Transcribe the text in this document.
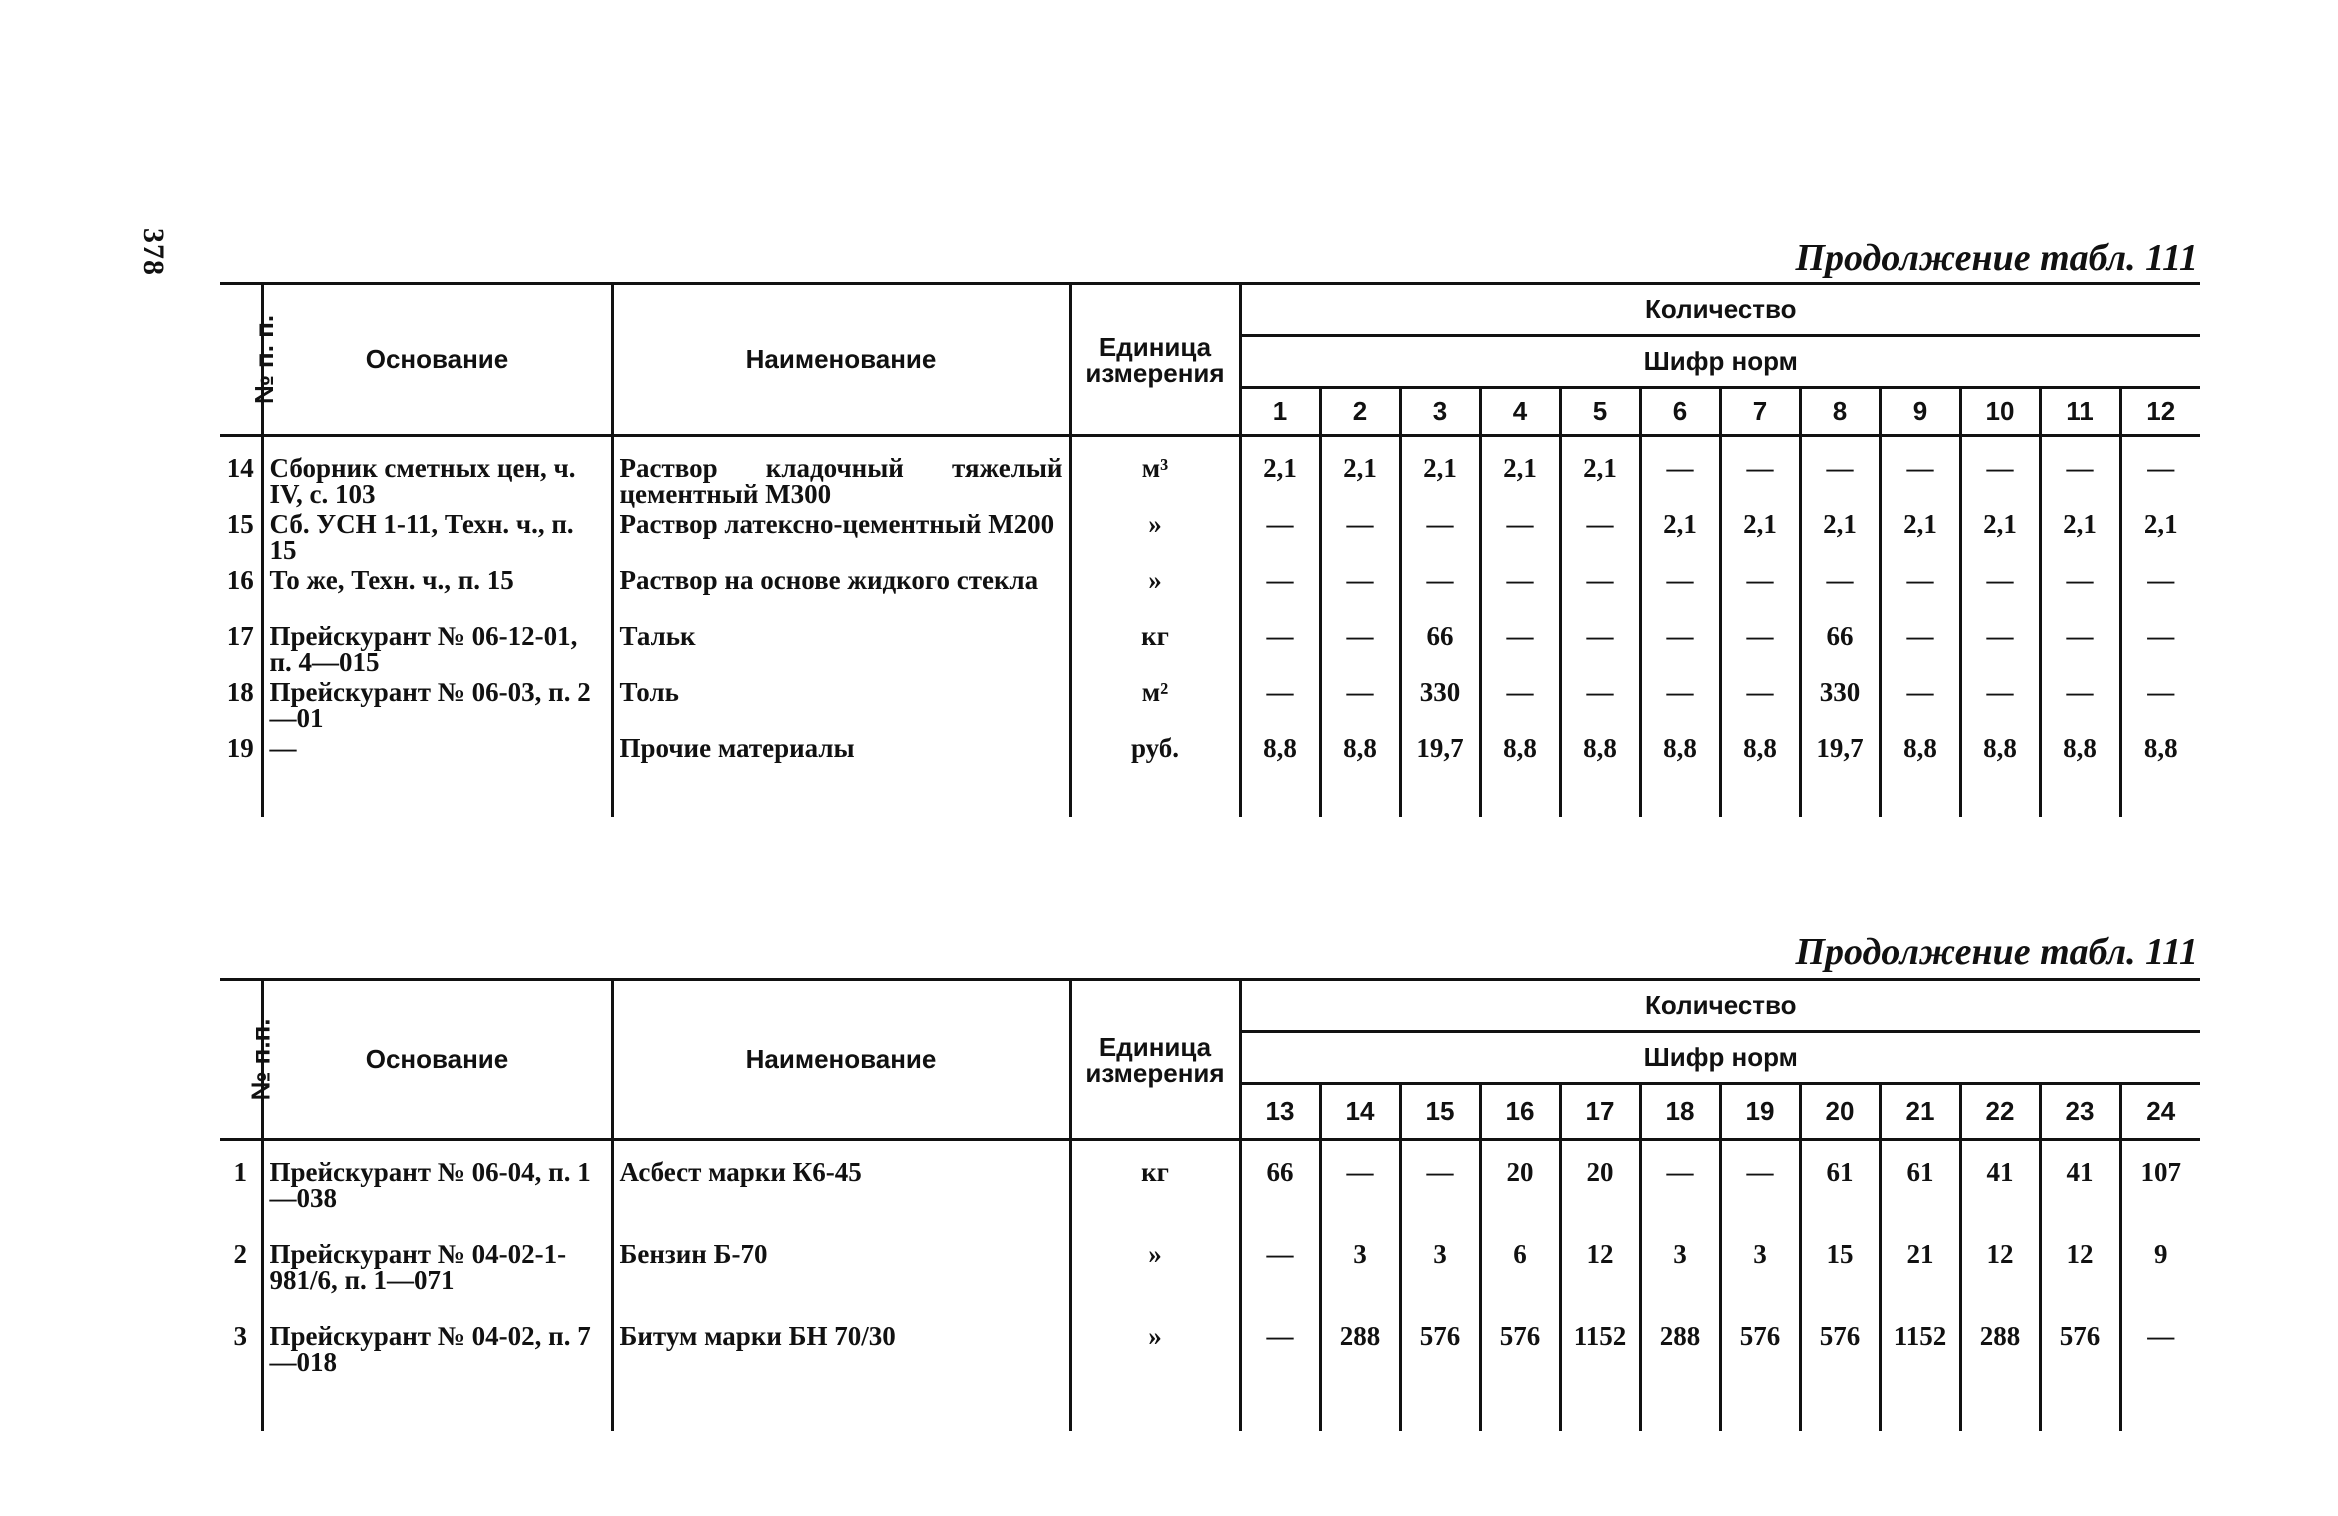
378	Продолжение табл. 111
№ п. п.	Основание	Наименование	Единица измерения	Количество											
				Шифр норм											
				1	2	3	4	5	6	7	8	9	10	11	12

14	Сборник сметных цен, ч. IV, с. 103	Раствор кладочный тяжелый цементный М300	м³	2,1	2,1	2,1	2,1	2,1	—	—	—	—	—	—	—
15	Сб. УСН 1-11, Техн. ч., п. 15	Раствор латексно-цементный М200	»	—	—	—	—	—	2,1	2,1	2,1	2,1	2,1	2,1	2,1
16	То же, Техн. ч., п. 15	Раствор на основе жидкого стекла	»	—	—	—	—	—	—	—	—	—	—	—	—
17	Прейскурант № 06-12-01, п. 4—015	Тальк	кг	—	—	66	—	—	—	—	66	—	—	—	—
18	Прейскурант № 06-03, п. 2—01	Толь	м²	—	—	330	—	—	—	—	330	—	—	—	—
19	—	Прочие материалы	руб.	8,8	8,8	19,7	8,8	8,8	8,8	8,8	19,7	8,8	8,8	8,8	8,8

Продолжение табл. 111
№ п.п.	Основание	Наименование	Единица измерения	Количество											
				Шифр норм											
				13	14	15	16	17	18	19	20	21	22	23	24

1	Прейскурант № 06-04, п. 1—038	Асбест марки К6-45	кг	66	—	—	20	20	—	—	61	61	41	41	107
2	Прейскурант № 04-02-1-981/6, п. 1—071	Бензин Б-70	»	—	3	3	6	12	3	3	15	21	12	12	9
3	Прейскурант № 04-02, п. 7—018	Битум марки БН 70/30	»	—	288	576	576	1152	288	576	576	1152	288	576	—
